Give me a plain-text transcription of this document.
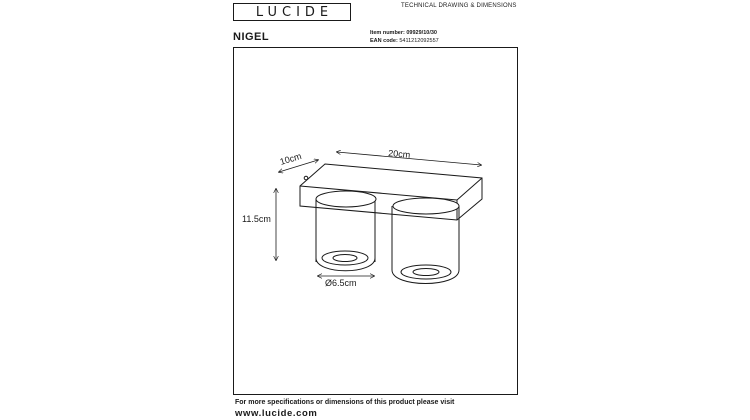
LUCIDE	TECHNICAL DRAWING & DIMENSIONS
NIGEL	Item number: 09929/10/30
EAN code: 5411212092557
20cm
10cm
11.5cm
Ø6.5cm
For more specifications or dimensions of this product please visit
www.lucide.com
